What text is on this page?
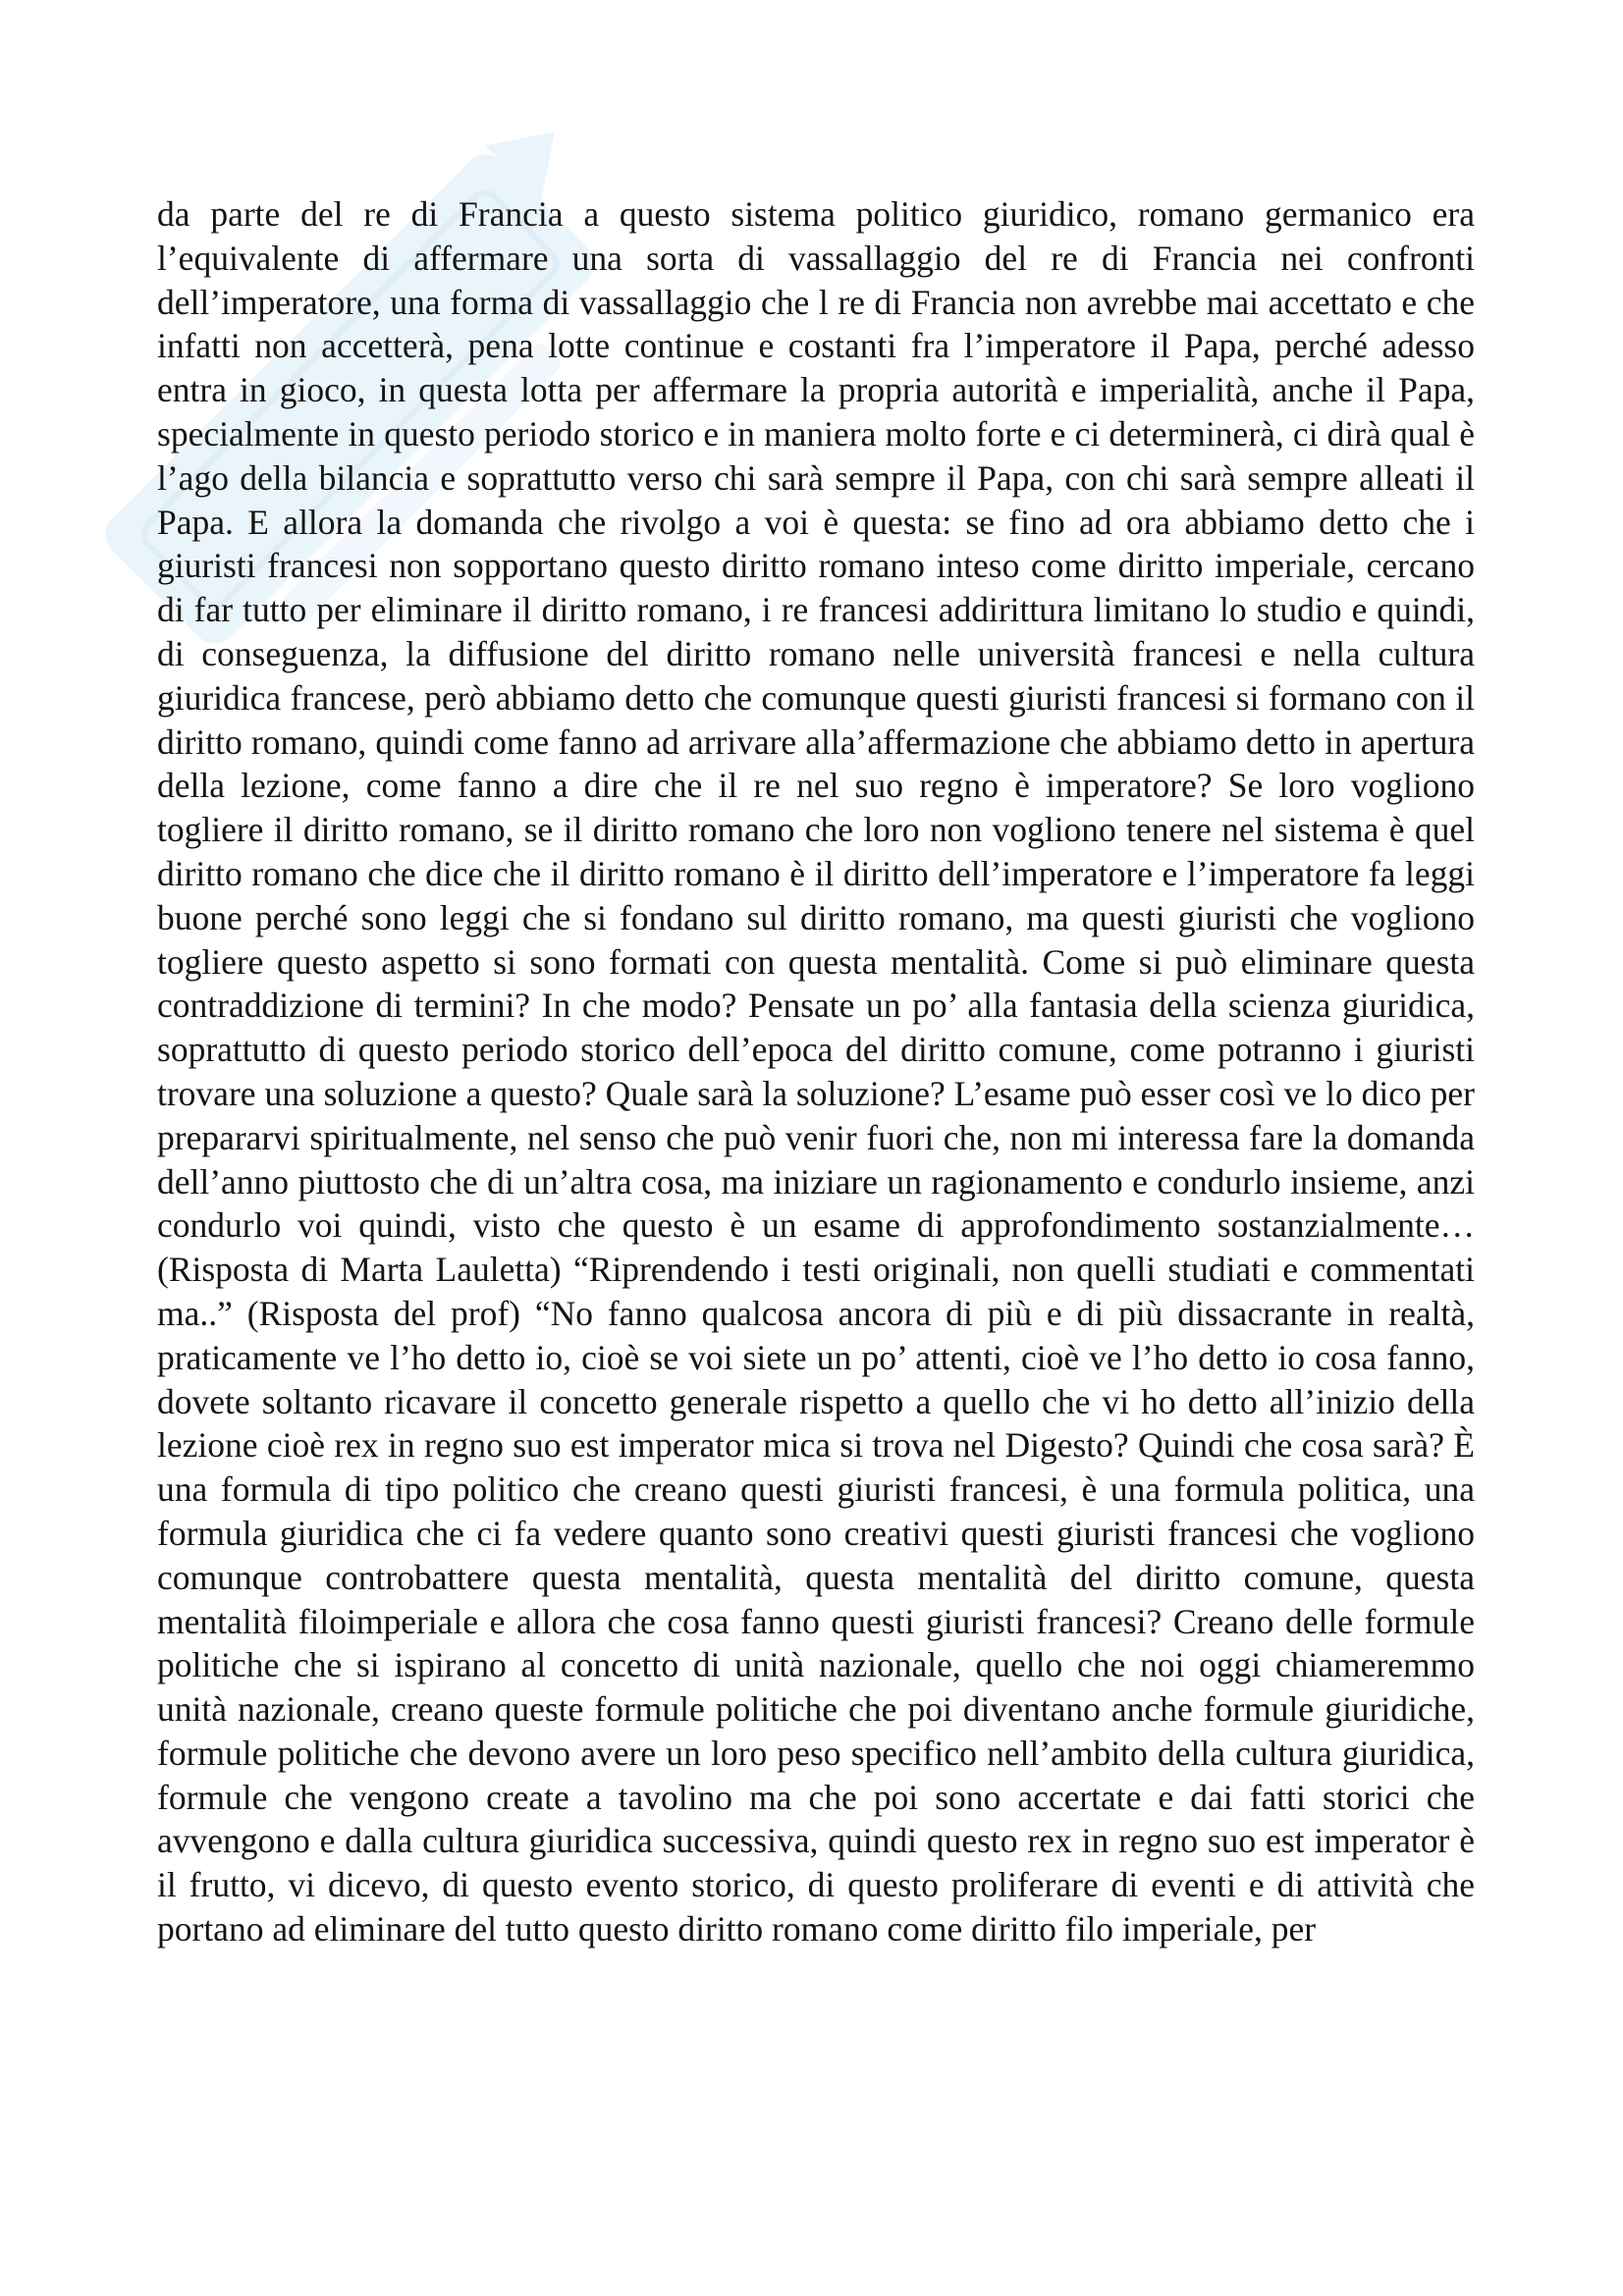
da parte del re di Francia a questo sistema politico giuridico, romano germanico era l’equivalente di affermare una sorta di vassallaggio del re di Francia nei confronti dell’imperatore, una forma di vassallaggio che l re di Francia non avrebbe mai accettato e che infatti non accetterà, pena lotte continue e costanti fra l’imperatore il Papa, perché adesso entra in gioco, in questa lotta per affermare la propria autorità e imperialità, anche il Papa, specialmente in questo periodo storico e in maniera molto forte e ci determinerà, ci dirà qual è l’ago della bilancia e soprattutto verso chi sarà sempre il Papa, con chi sarà sempre alleati il Papa. E allora la domanda che rivolgo a voi è questa: se fino ad ora abbiamo detto che i giuristi francesi non sopportano questo diritto romano inteso come diritto imperiale, cercano di far tutto per eliminare il diritto romano, i re francesi addirittura limitano lo studio e quindi, di conseguenza, la diffusione del diritto romano nelle università francesi e nella cultura giuridica francese, però abbiamo detto che comunque questi giuristi francesi si formano con il diritto romano, quindi come fanno ad arrivare alla’affermazione che abbiamo detto in apertura della lezione, come fanno a dire che il re nel suo regno è imperatore? Se loro vogliono togliere il diritto romano, se il diritto romano che loro non vogliono tenere nel sistema è quel diritto romano che dice che il diritto romano è il diritto dell’imperatore e l’imperatore fa leggi buone perché sono leggi che si fondano sul diritto romano, ma questi giuristi che vogliono togliere questo aspetto si sono formati con questa mentalità. Come si può eliminare questa contraddizione di termini? In che modo? Pensate un po’ alla fantasia della scienza giuridica, soprattutto di questo periodo storico dell’epoca del diritto comune, come potranno i giuristi trovare una soluzione a questo? Quale sarà la soluzione? L’esame può esser così ve lo dico per prepararvi spiritualmente, nel senso che può venir fuori che, non mi interessa fare la domanda dell’anno piuttosto che di un’altra cosa, ma iniziare un ragionamento e condurlo insieme, anzi condurlo voi quindi, visto che questo è un esame di approfondimento sostanzialmente…(Risposta di Marta Lauletta) “Riprendendo i testi originali, non quelli studiati e commentati ma..” (Risposta del prof) “No fanno qualcosa ancora di più e di più dissacrante in realtà, praticamente ve l’ho detto io, cioè se voi siete un po’ attenti, cioè ve l’ho detto io cosa fanno, dovete soltanto ricavare il concetto generale rispetto a quello che vi ho detto all’inizio della lezione cioè rex in regno suo est imperator mica si trova nel Digesto? Quindi che cosa sarà? È una formula di tipo politico che creano questi giuristi francesi, è una formula politica, una formula giuridica che ci fa vedere quanto sono creativi questi giuristi francesi che vogliono comunque controbattere questa mentalità, questa mentalità del diritto comune, questa mentalità filoimperiale e allora che cosa fanno questi giuristi francesi? Creano delle formule politiche che si ispirano al concetto di unità nazionale, quello che noi oggi chiameremmo unità nazionale, creano queste formule politiche che poi diventano anche formule giuridiche, formule politiche che devono avere un loro peso specifico nell’ambito della cultura giuridica, formule che vengono create a tavolino ma che poi sono accertate e dai fatti storici che avvengono e dalla cultura giuridica successiva, quindi questo rex in regno suo est imperator è il frutto, vi dicevo, di questo evento storico, di questo proliferare di eventi e di attività che portano ad eliminare del tutto questo diritto romano come diritto filo imperiale, per
